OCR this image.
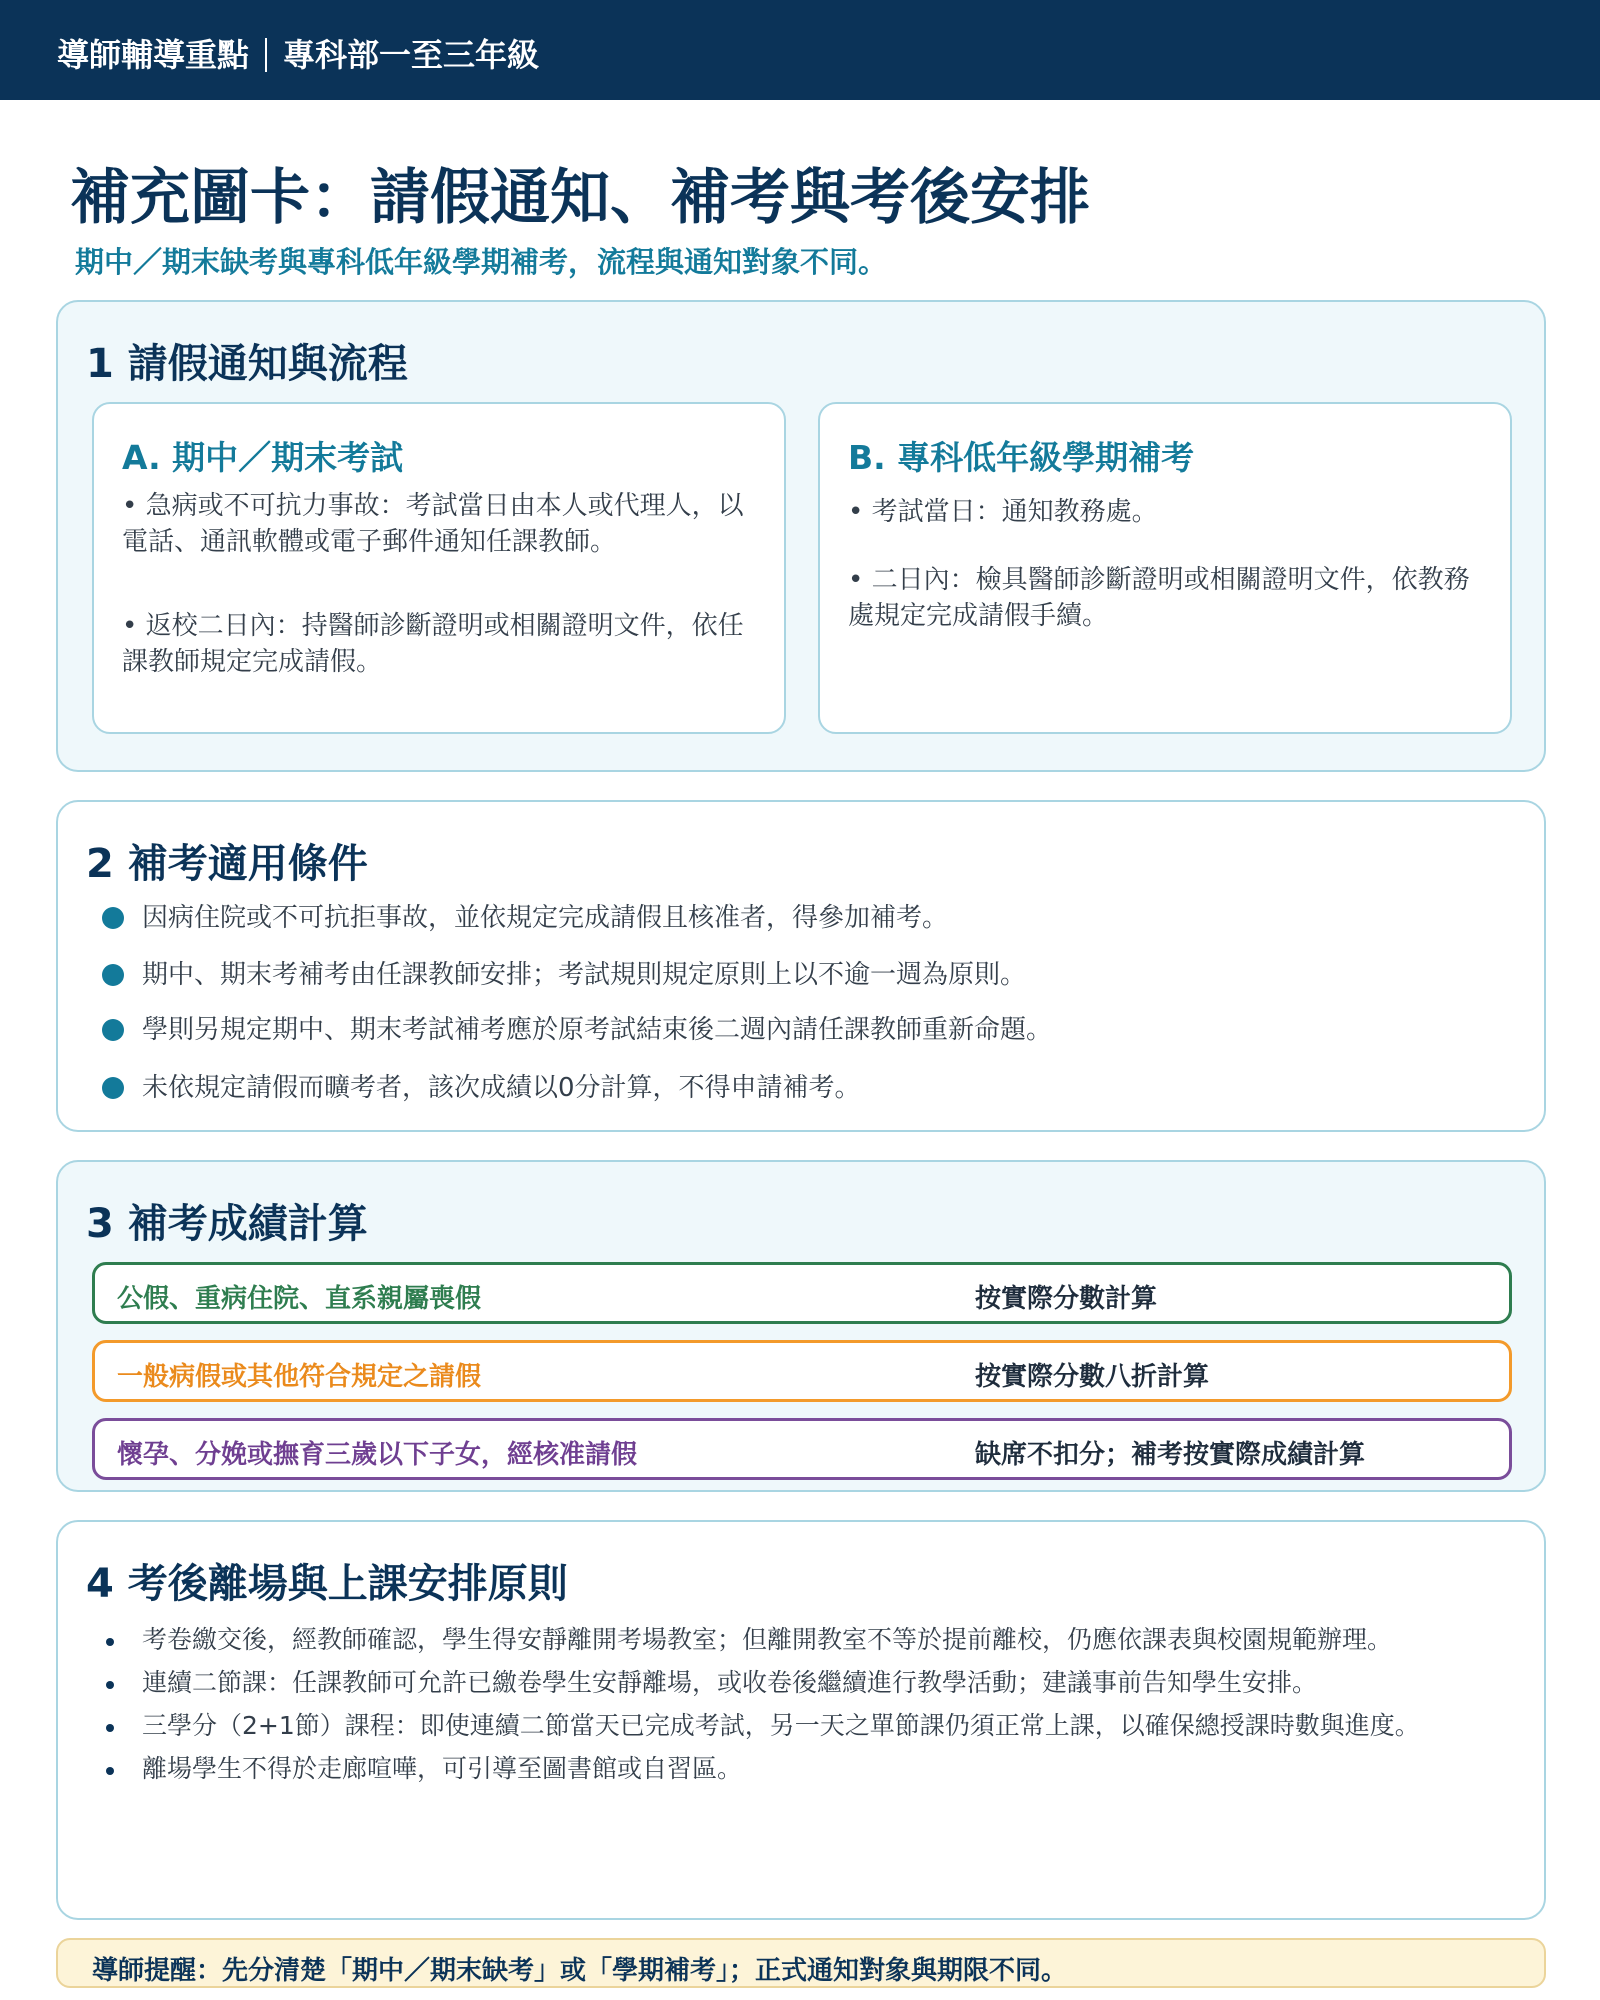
導師輔導重點 專科部一至三年級
補充圖卡：請假通知、補考與考後安排
期中／期末缺考與專科低年級學期補考，流程與通知對象不同。
1 請假通知與流程
A. 期中／期末考試
• 急病或不可抗力事故：考試當日由本人或代理人，以電話、通訊軟體或電子郵件通知任課教師。
• 返校二日內：持醫師診斷證明或相關證明文件，依任課教師規定完成請假。
B. 專科低年級學期補考
• 考試當日：通知教務處。
• 二日內：檢具醫師診斷證明或相關證明文件，依教務處規定完成請假手續。
2 補考適用條件
因病住院或不可抗拒事故，並依規定完成請假且核准者，得參加補考。
期中、期末考補考由任課教師安排；考試規則規定原則上以不逾一週為原則。
學則另規定期中、期末考試補考應於原考試結束後二週內請任課教師重新命題。
未依規定請假而曠考者，該次成績以0分計算，不得申請補考。
3 補考成績計算
公假、重病住院、直系親屬喪假	按實際分數計算
一般病假或其他符合規定之請假	按實際分數八折計算
懷孕、分娩或撫育三歲以下子女，經核准請假	缺席不扣分；補考按實際成績計算
4 考後離場與上課安排原則
考卷繳交後，經教師確認，學生得安靜離開考場教室；但離開教室不等於提前離校，仍應依課表與校園規範辦理。
連續二節課：任課教師可允許已繳卷學生安靜離場，或收卷後繼續進行教學活動；建議事前告知學生安排。
三學分（2+1節）課程：即使連續二節當天已完成考試，另一天之單節課仍須正常上課，以確保總授課時數與進度。
離場學生不得於走廊喧嘩，可引導至圖書館或自習區。
導師提醒：先分清楚「期中／期末缺考」或「學期補考」；正式通知對象與期限不同。
